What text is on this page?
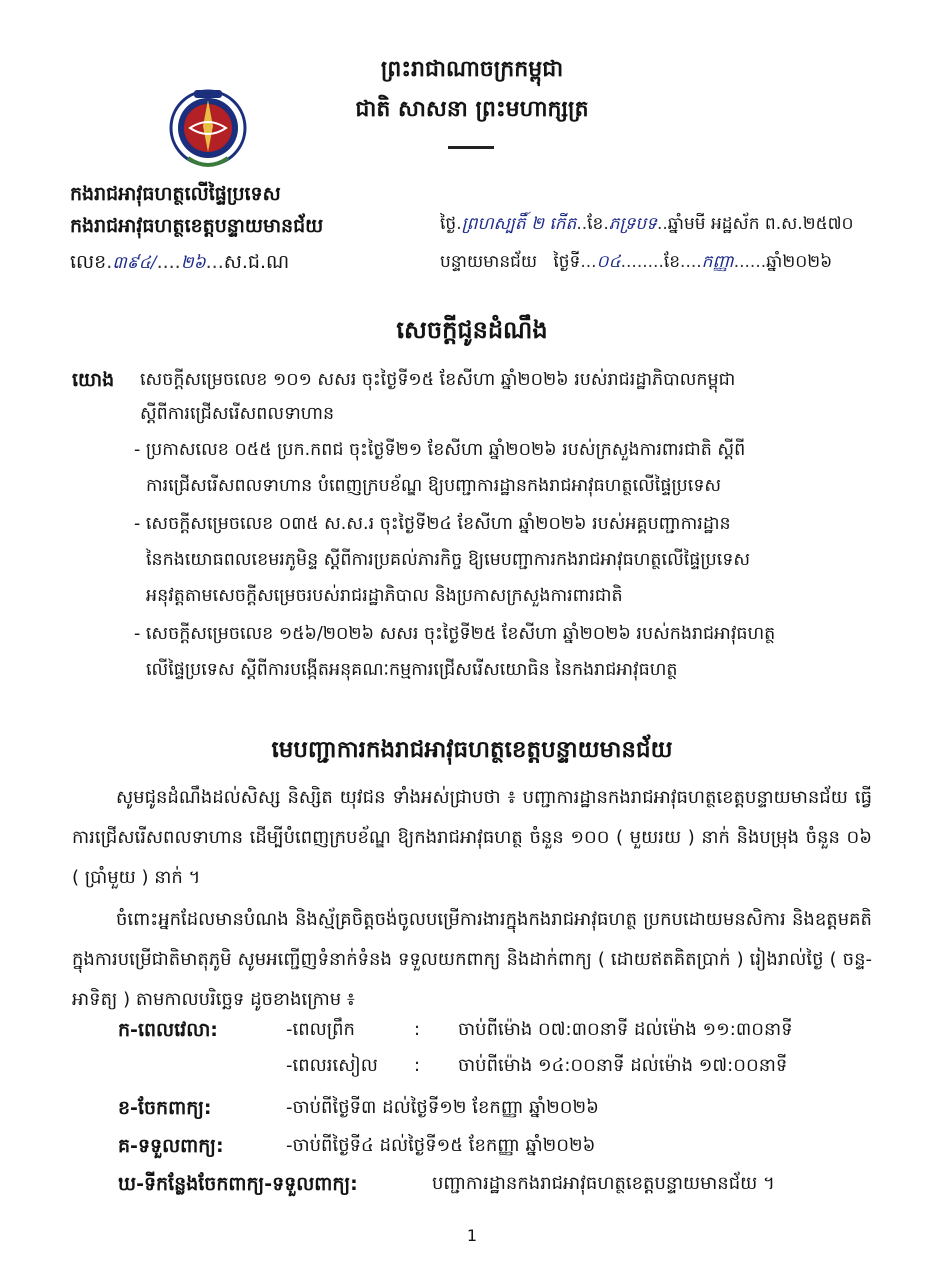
ព្រះរាជាណាចក្រកម្ពុជា
ជាតិ សាសនា ព្រះមហាក្សត្រ
កងរាជអាវុធហត្ថលើផ្ទៃប្រទេស
កងរាជអាវុធហត្ថខេត្តបន្ទាយមានជ័យ
លេខ.៣៩៤/....២៦...ស.ជ.ណ
ថ្ងៃ.ព្រហស្បតិ៍ ២ កើត..ខែ.ភទ្របទ..ឆ្នាំមមី អដ្ឋស័ក ព.ស.២៥៧០
បន្ទាយមានជ័យ ថ្ងៃទី...០៤........ខែ....កញ្ញា......ឆ្នាំ២០២៦
សេចក្តីជូនដំណឹង
យោង សេចក្តីសម្រេចលេខ ១០១ សសរ ចុះថ្ងៃទី១៥ ខែសីហា ឆ្នាំ២០២៦ របស់រាជរដ្ឋាភិបាលកម្ពុជា
ស្តីពីការជ្រើសរើសពលទាហាន
- ប្រកាសលេខ ០៥៥ ប្រក.កពជ ចុះថ្ងៃទី២១ ខែសីហា ឆ្នាំ២០២៦ របស់ក្រសួងការពារជាតិ ស្តីពី
ការជ្រើសរើសពលទាហាន បំពេញក្របខ័ណ្ឌ ឱ្យបញ្ជាការដ្ឋានកងរាជអាវុធហត្ថលើផ្ទៃប្រទេស
- សេចក្តីសម្រេចលេខ ០៣៥ ស.ស.រ ចុះថ្ងៃទី២៤ ខែសីហា ឆ្នាំ២០២៦ របស់អគ្គបញ្ជាការដ្ឋាន
នៃកងយោធពលខេមរភូមិន្ទ ស្តីពីការប្រគល់ភារកិច្ច ឱ្យមេបញ្ជាការកងរាជអាវុធហត្ថលើផ្ទៃប្រទេស
អនុវត្តតាមសេចក្តីសម្រេចរបស់រាជរដ្ឋាភិបាល និងប្រកាសក្រសួងការពារជាតិ
- សេចក្តីសម្រេចលេខ ១៥៦/២០២៦ សសរ ចុះថ្ងៃទី២៥ ខែសីហា ឆ្នាំ២០២៦ របស់កងរាជអាវុធហត្ថ
លើផ្ទៃប្រទេស ស្តីពីការបង្កើតអនុគណៈកម្មការជ្រើសរើសយោធិន នៃកងរាជអាវុធហត្ថ
មេបញ្ជាការកងរាជអាវុធហត្ថខេត្តបន្ទាយមានជ័យ
សូមជូនដំណឹងដល់សិស្ស និស្សិត យុវជន ទាំងអស់ជ្រាបថា ៖ បញ្ជាការដ្ឋានកងរាជអាវុធហត្ថខេត្តបន្ទាយមានជ័យ ធ្វើការជ្រើសរើសពលទាហាន ដើម្បីបំពេញក្របខ័ណ្ឌ ឱ្យកងរាជអាវុធហត្ថ ចំនួន ១០០ ( មួយរយ ) នាក់ និងបម្រុង ចំនួន ០៦ ( ប្រាំមួយ ) នាក់ ។
ចំពោះអ្នកដែលមានបំណង និងស្ម័គ្រចិត្តចង់ចូលបម្រើការងារក្នុងកងរាជអាវុធហត្ថ ប្រកបដោយមនសិការ និងឧត្តមគតិ ក្នុងការបម្រើជាតិមាតុភូមិ សូមអញ្ជើញទំនាក់ទំនង ទទួលយកពាក្យ និងដាក់ពាក្យ ( ដោយឥតគិតប្រាក់ ) រៀងរាល់ថ្ងៃ ( ចន្ទ-អាទិត្យ ) តាមកាលបរិច្ឆេទ ដូចខាងក្រោម ៖
ក-ពេលវេលា:	-ពេលព្រឹក	: ចាប់ពីម៉ោង ០៧:៣០នាទី ដល់ម៉ោង ១១:៣០នាទី
-ពេលរសៀល : ចាប់ពីម៉ោង ១៤:០០នាទី ដល់ម៉ោង ១៧:០០នាទី
ខ-ចែកពាក្យ:	-ចាប់ពីថ្ងៃទី៣ ដល់ថ្ងៃទី១២ ខែកញ្ញា ឆ្នាំ២០២៦
គ-ទទួលពាក្យ:	-ចាប់ពីថ្ងៃទី៤ ដល់ថ្ងៃទី១៥ ខែកញ្ញា ឆ្នាំ២០២៦
ឃ-ទីកន្លែងចែកពាក្យ-ទទួលពាក្យ:	បញ្ជាការដ្ឋានកងរាជអាវុធហត្ថខេត្តបន្ទាយមានជ័យ ។
1
